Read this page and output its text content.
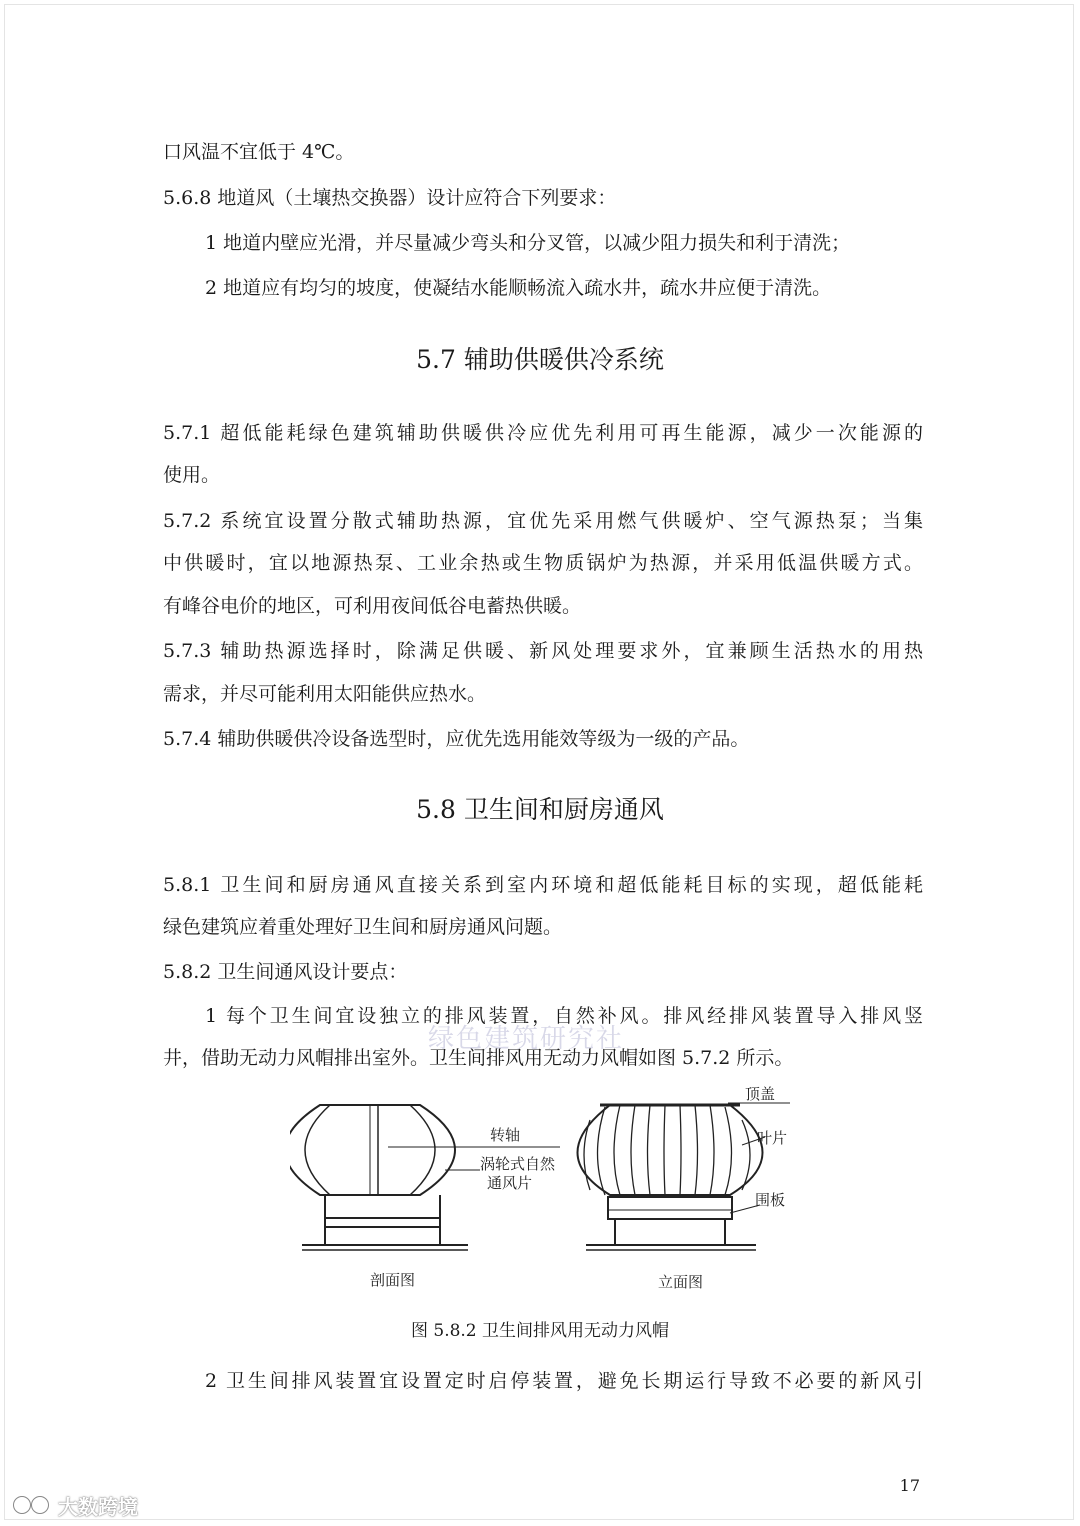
口风温不宜低于 4℃。

5.6.8 地道风（土壤热交换器）设计应符合下列要求：

1 地道内壁应光滑，并尽量减少弯头和分叉管，以减少阻力损失和利于清洗；

2 地道应有均匀的坡度，使凝结水能顺畅流入疏水井，疏水井应便于清洗。

5.7 辅助供暖供冷系统

5.7.1 超低能耗绿色建筑辅助供暖供冷应优先利用可再生能源，减少一次能源的

使用。

5.7.2 系统宜设置分散式辅助热源，宜优先采用燃气供暖炉、空气源热泵；当集

中供暖时，宜以地源热泵、工业余热或生物质锅炉为热源，并采用低温供暖方式。

有峰谷电价的地区，可利用夜间低谷电蓄热供暖。

5.7.3 辅助热源选择时，除满足供暖、新风处理要求外，宜兼顾生活热水的用热

需求，并尽可能利用太阳能供应热水。

5.7.4 辅助供暖供冷设备选型时，应优先选用能效等级为一级的产品。

5.8 卫生间和厨房通风

5.8.1 卫生间和厨房通风直接关系到室内环境和超低能耗目标的实现，超低能耗

绿色建筑应着重处理好卫生间和厨房通风问题。

5.8.2 卫生间通风设计要点：

1 每个卫生间宜设独立的排风装置，自然补风。排风经排风装置导入排风竖

井，借助无动力风帽排出室外。卫生间排风用无动力风帽如图 5.7.2 所示。

绿色建筑研究社
转轴
涡轮式自然
通风片
剖面图
顶盖
叶片
围板
立面图
图 5.8.2 卫生间排风用无动力风帽

2 卫生间排风装置宜设置定时启停装置，避免长期运行导致不必要的新风引

17
大数跨境
